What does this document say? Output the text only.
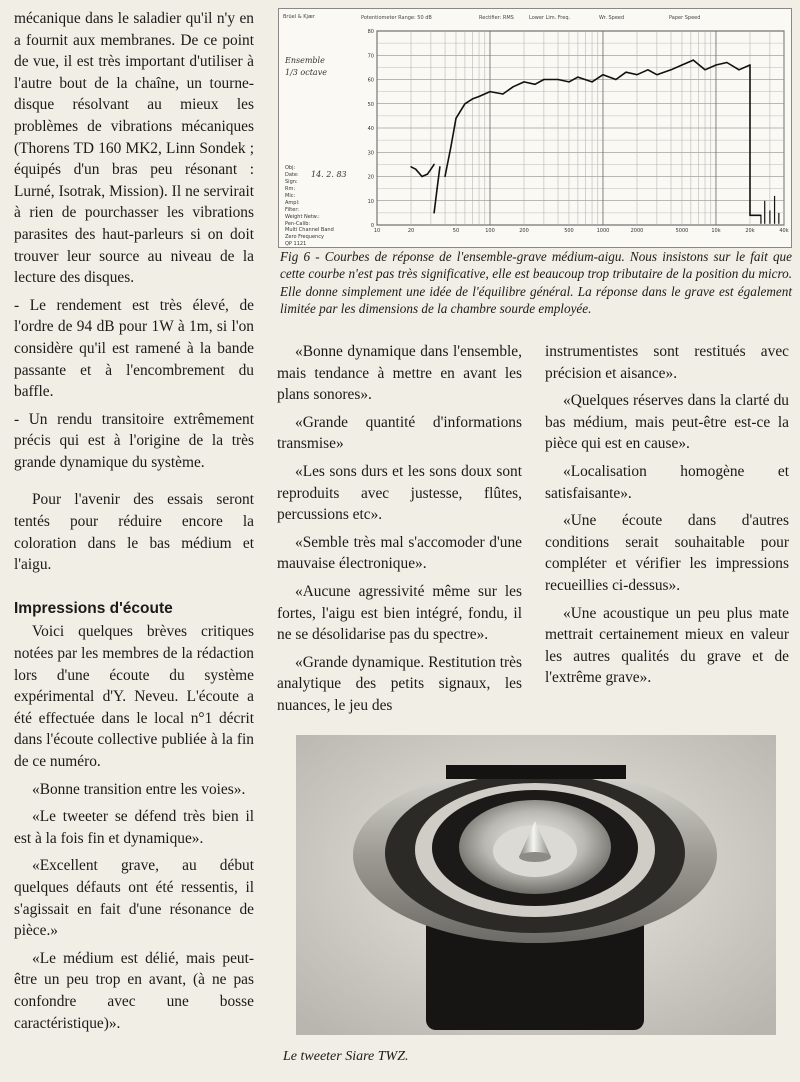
mécanique dans le saladier qu'il n'y en a fournit aux membranes. De ce point de vue, il est très important d'utiliser à l'autre bout de la chaîne, un tourne-disque résolvant au mieux les problèmes de vibrations mécaniques (Thorens TD 160 MK2, Linn Sondek ; équipés d'un bras peu résonant : Lurné, Isotrak, Mission). Il ne servirait à rien de pourchasser les vibrations parasites des haut-parleurs si on doit trouver leur source au niveau de la lecture des disques.

- Le rendement est très élevé, de l'ordre de 94 dB pour 1W à 1m, si l'on considère qu'il est ramené à la bande passante et à l'encombrement du baffle.

- Un rendu transitoire extrêmement précis qui est à l'origine de la très grande dynamique du système.

Pour l'avenir des essais seront tentés pour réduire encore la coloration dans le bas médium et l'aigu.

Impressions d'écoute

Voici quelques brèves critiques notées par les membres de la rédaction lors d'une écoute du système expérimental d'Y. Neveu. L'écoute a été effectuée dans le local n°1 décrit dans l'écoute collective publiée à la fin de ce numéro.

«Bonne transition entre les voies».

«Le tweeter se défend très bien il est à la fois fin et dynamique».

«Excellent grave, au début quelques défauts ont été ressentis, il s'agissait en fait d'une résonance de pièce.»

«Le médium est délié, mais peut-être un peu trop en avant, (à ne pas confondre avec une bosse caractéristique)».

Brüel & Kjær	Potentiometer Range: 50 dB	Rectifier: RMS	Lower Lim. Freq.	Wr. Speed	Paper Speed
Ensemble
1/3 octave
Obj:
Date:
Sign:
Rm:
Mic:
Ampl:
Filter:
Weight Netw.:
Pen-Calib:
14. 2. 83
Multi Channel Band
Zero Frequency
QP 1121
80
70
60
50
40
30
20
10
0
10	20	50	100	200	500	1000	2000	5000	10k	20k	40k
Fig 6 - Courbes de réponse de l'ensemble-grave médium-aigu. Nous insistons sur le fait que cette courbe n'est pas très significative, elle est beaucoup trop tributaire de la position du micro. Elle donne simplement une idée de l'équilibre général. La réponse dans le grave est également limitée par les dimensions de la chambre sourde employée.

«Bonne dynamique dans l'ensemble, mais tendance à mettre en avant les plans sonores».

«Grande quantité d'informations transmise»

«Les sons durs et les sons doux sont reproduits avec justesse, flûtes, percussions etc».

«Semble très mal s'accomoder d'une mauvaise électronique».

«Aucune agressivité même sur les fortes, l'aigu est bien intégré, fondu, il ne se désolidarise pas du spectre».

«Grande dynamique. Restitution très analytique des petits signaux, les nuances, le jeu des

instrumentistes sont restitués avec précision et aisance».

«Quelques réserves dans la clarté du bas médium, mais peut-être est-ce la pièce qui est en cause».

«Localisation homogène et satisfaisante».

«Une écoute dans d'autres conditions serait souhaitable pour compléter et vérifier les impressions recueillies ci-dessus».

«Une acoustique un peu plus mate mettrait certainement mieux en valeur les autres qualités du grave et de l'extrême grave».

Le tweeter Siare TWZ.
